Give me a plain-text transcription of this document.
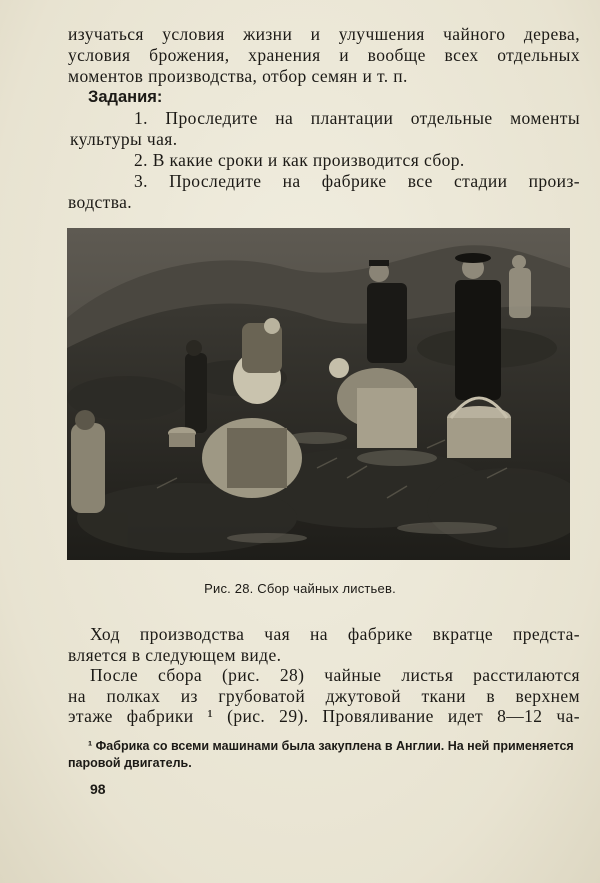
изучаться условия жизни и улучшения чайного дерева,
условия брожения, хранения и вообще всех отдельных
моментов производства, отбор семян и т. п.
Задания:
1. Проследите на плантации отдельные моменты
культуры чая.
2. В какие сроки и как производится сбор.
3. Проследите на фабрике все стадии произ-
водства.
Рис. 28. Сбор чайных листьев.
Ход производства чая на фабрике вкратце предста-
вляется в следующем виде.
После сбора (рис. 28) чайные листья расстилаются
на полках из грубоватой джутовой ткани в верхнем
этаже фабрики ¹ (рис. 29). Провяливание идет 8—12 ча-
¹ Фабрика со всеми машинами была закуплена в Англии. На ней применяется паровой двигатель.
98
